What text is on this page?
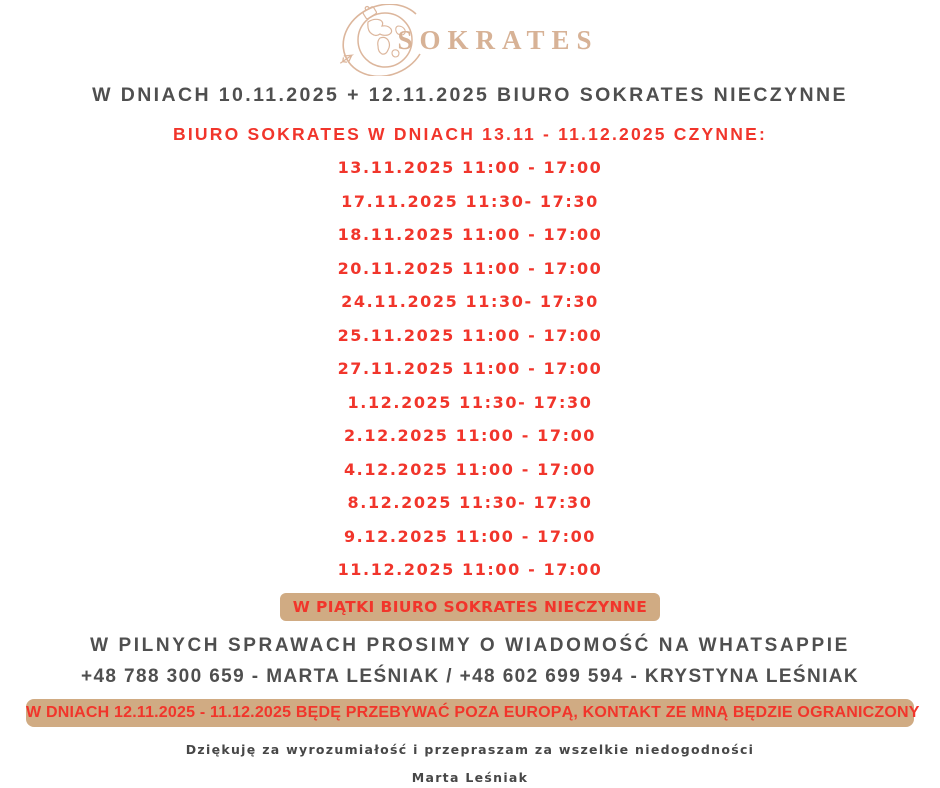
SOKRATES
W DNIACH 10.11.2025 + 12.11.2025 BIURO SOKRATES NIECZYNNE
BIURO SOKRATES W DNIACH 13.11 - 11.12.2025 CZYNNE:
13.11.2025 11:00 - 17:00
17.11.2025 11:30- 17:30
18.11.2025 11:00 - 17:00
20.11.2025 11:00 - 17:00
24.11.2025 11:30- 17:30
25.11.2025 11:00 - 17:00
27.11.2025 11:00 - 17:00
1.12.2025 11:30- 17:30
2.12.2025 11:00 - 17:00
4.12.2025 11:00 - 17:00
8.12.2025 11:30- 17:30
9.12.2025 11:00 - 17:00
11.12.2025 11:00 - 17:00
W PIĄTKI BIURO SOKRATES NIECZYNNE
W PILNYCH SPRAWACH PROSIMY O WIADOMOŚĆ NA WHATSAPPIE
+48 788 300 659 - MARTA LEŚNIAK / +48 602 699 594 - KRYSTYNA LEŚNIAK
W DNIACH 12.11.2025 - 11.12.2025 BĘDĘ PRZEBYWAĆ POZA EUROPĄ, KONTAKT ZE MNĄ BĘDZIE OGRANICZONY
Dziękuję za wyrozumiałość i przepraszam za wszelkie niedogodności
Marta Leśniak
